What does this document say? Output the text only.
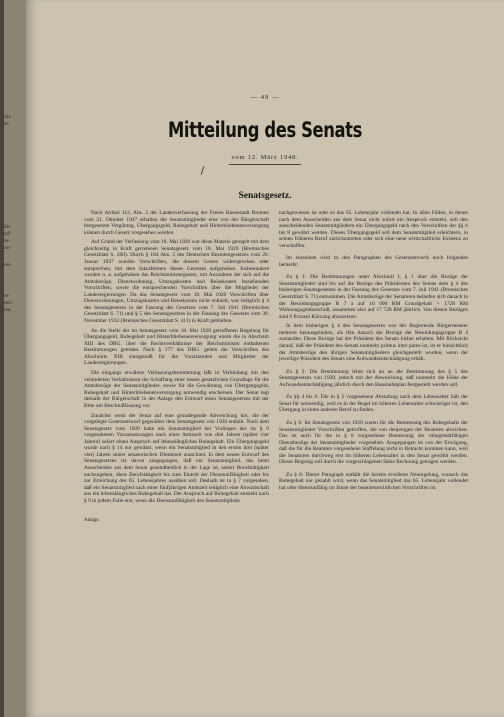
reit-
be-
Ab-
zuf-
be-
vor-
ver-
he-
men
nen.
— 49 —
Mitteilung des Senats
vom 12. März 1948.
Senatsgesetz.

Nach Artikel 112, Abs. 2 der Landesverfassung der Freien Hansestadt Bremen vom 21. Oktober 1947 erhalten die Senatsmitglieder eine von der Bürgerschaft festgesetzte Vergütung. Übergangsgeld, Ruhegehalt und Hinterbliebenenversorgung können durch Gesetz vorgesehen werden.

Auf Grund der Verfassung vom 18. Mai 1920 war diese Materie geregelt mit dem gleichzeitig in Kraft getretenen Senatsgesetz vom 18. Mai 1920 (Bremisches Gesetzblatt S. 200). Durch § 184 Abs. 3 des Deutschen Beamtengesetzes vom 26. Januar 1937 wurden Vorschriften, die diesem Gesetz widersprechen oder entsprechen, mit dem Inkrafttreten dieses Gesetzes aufgehoben. Insbesondere wurden u. a. aufgehoben das Reichsministergesetz, mit Ausnahme der sich auf die Amtsbezüge, Dienstwohnung, Umzugskosten und Reisekosten beziehenden Vorschriften, sowie die entsprechenden Vorschriften über die Mitglieder der Landesregierungen. Da das Senatsgesetz vom 18. Mai 1920 Vorschriften über Dienstwohnungen, Umzugskosten und Reisekosten nicht enthielt, war lediglich § 4 des Senatsgesetzes in der Fassung des Gesetzes vom 7. Juli 1941 (Bremisches Gesetzblatt S. 71) und § 5 des Senatsgesetzes in der Fassung des Gesetzes vom 30. November 1932 (Bremisches Gesetzblatt S. 411) in Kraft geblieben.

An die Stelle der im Senatsgesetz vom 18. Mai 1920 getroffenen Regelung für Übergangsgeld, Ruhegehalt und Hinterbliebenenversorgung waren die in Abschnitt XIII des DBG. über die Rechtsverhältnisse der Reichsminister enthaltenen Bestimmungen getreten. Nach § 177 des DBG. gelten die Vorschriften des Abschnitts XIII sinngemäß für die Vorsitzenden und Mitglieder der Landesregierungen.

Die eingangs erwähnte Verfassungsbestimmung läßt in Verbindung mit den veränderten Verhältnissen die Schaffung einer neuen gesetzlichen Grundlage für die Amtsbezüge der Senatsmitglieder, sowie für die Gewährung von Übergangsgeld, Ruhegehalt und Hinterbliebenenversorgung notwendig erscheinen. Der Senat legt deshalb der Bürgerschaft in der Anlage den Entwurf eines Senatsgesetzes mit der Bitte um Beschlußfassung vor.

Zunächst weist der Senat auf eine grundlegende Abweichung hin, die der vorgelegte Gesetzentwurf gegenüber dem Senatsgesetz von 1920 enthält. Nach dem Senatsgesetz vom 1920 hatte ein Senatsmitglied bei Vorliegen der im § 6 vorgesehenen Voraussetzungen nach einer Amtszeit von drei Jahren (später vier Jahren) sofort einen Anspruch auf lebenslängliches Ruhegehalt. Ein Übergangsgeld wurde nach § 14 nur gewährt, wenn ein Senatsmitglied in den ersten drei (später vier) Jahren seiner senatorischen Dienstzeit ausschied. In dem neuen Entwurf des Senatsgesetzes ist davon ausgegangen, daß ein Senatsmitglied, das beim Ausscheiden aus dem Senat gesundheitlich in der Lage ist, seiner Berufstätigkeit nachzugehen, diese Berufstätigkeit bis zum Eintritt der Dienstunfähigkeit oder bis zur Erreichung des 65. Lebensjahres ausüben soll. Deshalb ist in § 7 vorgesehen, daß ein Senatsmitglied nach einer fünfjährigen Amtszeit lediglich eine Anwartschaft aus ein lebenslängliches Ruhegehalt hat. Der Anspruch auf Ruhegehalt entsteht nach § 9 in jedem Falle erst, wenn die Dienstunfähigkeit des Senatsmitglieds

Anlage.

nachgewiesen ist oder es das 65. Lebensjahr vollendet hat. In allen Fällen, in denen nach dem Ausscheiden aus dem Senat nicht sofort ein Anspruch entsteht, soll den ausscheidenden Senatsmitgliedern ein Übergangsgeld nach den Vorschriften der §§ 6 bis 8 gewährt werden. Dieses Übergangsgeld soll dem Senatsmitglied erleichtern, in seinen früheren Beruf zurückzutreten oder sich eine neue wirtschaftliche Existenz zu verschaffen.

Im einzelnen wird zu den Paragraphen des Gesetzentwurfs noch folgendes bemerkt:

Zu § 1: Die Bestimmungen unter Abschnitt I, § 1 über die Bezüge der Senatsmitglieder sind bis auf die Bezüge des Präsidenten des Senats dem § 4 des bisherigen Senatsgesetzes in der Fassung des Gesetzes vom 7. Juli 1941 (Bremisches Gesetzblatt S. 71) entnommen. Die Amtsbezüge der Senatoren belaufen sich danach in der Besoldungsgruppe B 7 a auf 16 000 RM Grundgehalt + 1728 RM Wohnungsgeldzuschuß, zusammen also auf 17 728 RM jährlich. Von diesen Bezügen sind 6 Prozent Kürzung abzusetzen.

In dem bisherigen § 4 des Senatsgesetzes war der Regierende Bürgermeister mehrere herausgehoben, als ihm danach die Bezüge der Besoldungsgruppe B 4 zustanden. Diese Bezüge hat der Präsident des Senats bisher erhalten. Mit Rücksicht darauf, daß der Präsident des Senats nunmehr primus inter pares ist, ist er hinsichtlich der Amtsbezüge den übrigen Senatsmitgliedern gleichgestellt worden, wenn der jeweilige Präsident des Senats eine Aufwandsentschädigung erhält.

Zu § 2: Die Bestimmung lehnt sich an an die Bestimmung des § 5 des Senatsgesetzes von 1920, jedoch mit der Abweichung, daß nunmehr die Höhe der Aufwandsentschädigung jährlich durch den Haushaltsplan festgestellt werden soll.

Zu §§ 4 bis 6: Die in § 5 vorgesehene Abstufung nach dem Lebensalter hält der Senat für notwendig, weil es in der Regel im höheren Lebensalter schwieriger ist, den Übergang in einen anderen Beruf zu finden.

Zu § 6: Im Senatsgesetz von 1920 waren für die Bemessung des Ruhegehalts der Senatsmitglieder Vorschriften getroffen, die von denjenigen der Beamten abwichen. Das ist auch für die in § 8 vorgesehene Bemessung der ruhegehaltfähigen Dienstbezüge der Senatsmitglieder vorgesehen. Ausgegangen ist von der Erwägung, daß die für die Beamten vorgesehene Staffelung nicht in Betracht kommen kann, weil die Senatoren durchweg erst im höheren Lebensalter in den Senat gewählt werden. Dieser Reglung soll durch die vorgeschlagenen Sätze Rechnung getragen werden.

Zu § 8: Dieser Paragraph enthält die bereits erwähnte Neuregelung, wonach das Ruhegehalt nur gezahlt wird, wenn das Senatsmitglied das 65. Lebensjahr vollendet hat oder dienstunfähig im Sinne der beamtenrechtlichen Vorschriften ist.
